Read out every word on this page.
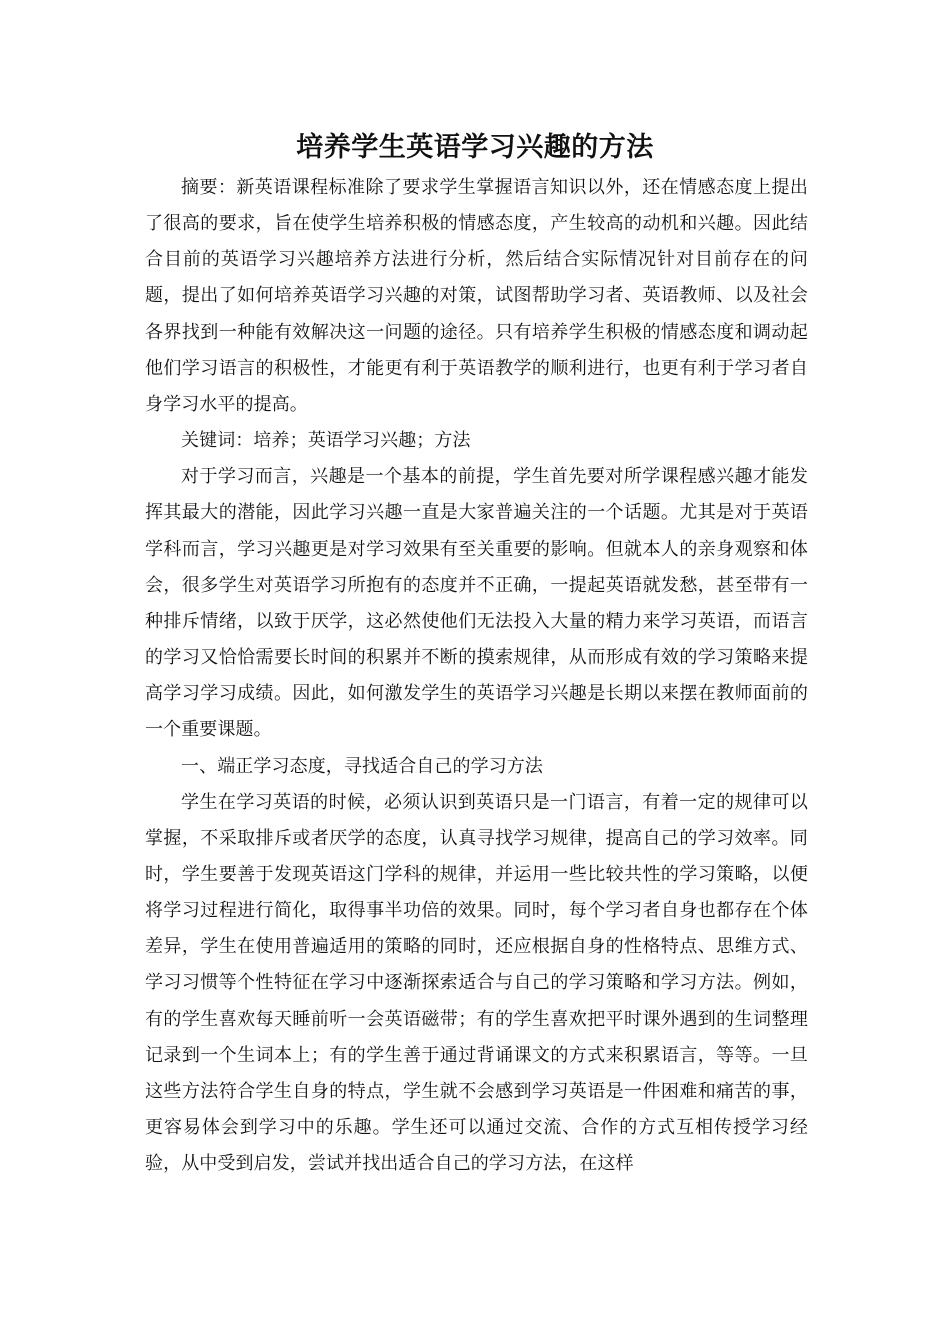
培养学生英语学习兴趣的方法

摘要：新英语课程标准除了要求学生掌握语言知识以外，还在情感态度上提出了很高的要求，旨在使学生培养积极的情感态度，产生较高的动机和兴趣。因此结合目前的英语学习兴趣培养方法进行分析，然后结合实际情况针对目前存在的问题，提出了如何培养英语学习兴趣的对策，试图帮助学习者、英语教师、以及社会各界找到一种能有效解决这一问题的途径。只有培养学生积极的情感态度和调动起他们学习语言的积极性，才能更有利于英语教学的顺利进行，也更有利于学习者自身学习水平的提高。

关键词：培养；英语学习兴趣；方法

对于学习而言，兴趣是一个基本的前提，学生首先要对所学课程感兴趣才能发挥其最大的潜能，因此学习兴趣一直是大家普遍关注的一个话题。尤其是对于英语学科而言，学习兴趣更是对学习效果有至关重要的影响。但就本人的亲身观察和体会，很多学生对英语学习所抱有的态度并不正确，一提起英语就发愁，甚至带有一种排斥情绪，以致于厌学，这必然使他们无法投入大量的精力来学习英语，而语言的学习又恰恰需要长时间的积累并不断的摸索规律，从而形成有效的学习策略来提高学习学习成绩。因此，如何激发学生的英语学习兴趣是长期以来摆在教师面前的一个重要课题。

一、端正学习态度，寻找适合自己的学习方法

学生在学习英语的时候，必须认识到英语只是一门语言，有着一定的规律可以掌握，不采取排斥或者厌学的态度，认真寻找学习规律，提高自己的学习效率。同时，学生要善于发现英语这门学科的规律，并运用一些比较共性的学习策略，以便将学习过程进行简化，取得事半功倍的效果。同时，每个学习者自身也都存在个体差异，学生在使用普遍适用的策略的同时，还应根据自身的性格特点、思维方式、学习习惯等个性特征在学习中逐渐探索适合与自己的学习策略和学习方法。例如，有的学生喜欢每天睡前听一会英语磁带；有的学生喜欢把平时课外遇到的生词整理记录到一个生词本上；有的学生善于通过背诵课文的方式来积累语言，等等。一旦这些方法符合学生自身的特点，学生就不会感到学习英语是一件困难和痛苦的事，更容易体会到学习中的乐趣。学生还可以通过交流、合作的方式互相传授学习经验，从中受到启发，尝试并找出适合自己的学习方法，在这样
